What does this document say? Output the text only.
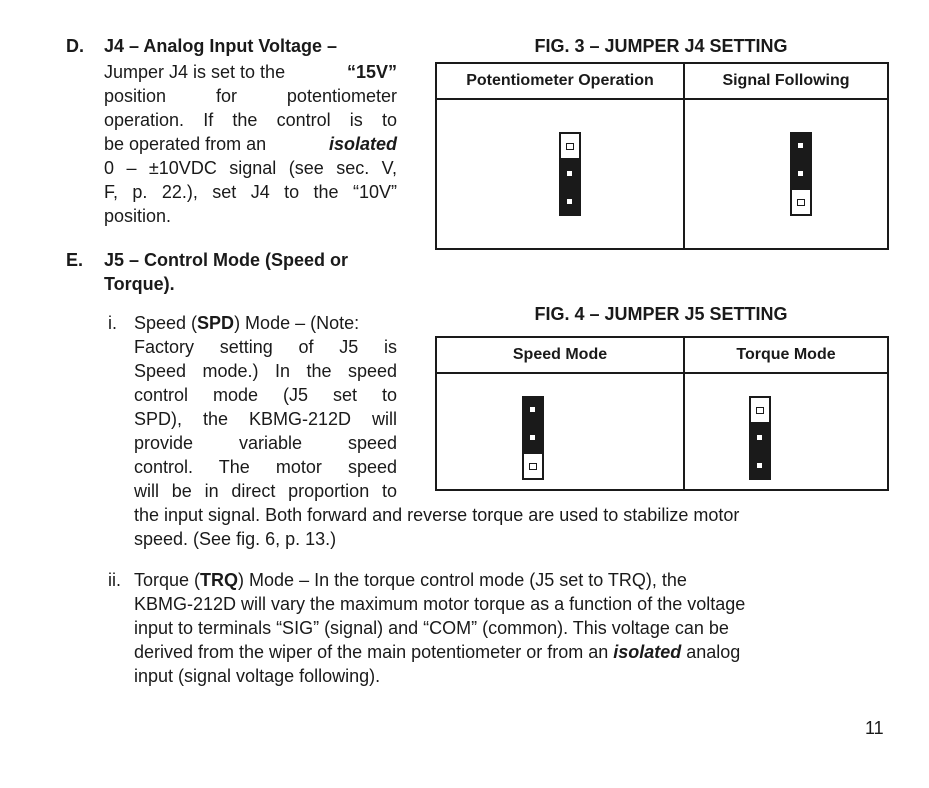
D. J4 – Analog Input Voltage –
Jumper J4 is set to the	“15V”
position for potentiometer
operation. If the control is to
be operated from an	isolated
0 – ±10VDC signal (see sec. V,
F, p. 22.), set J4 to the “10V”
position.
E. J5 – Control Mode (Speed or
Torque).
i. Speed (SPD) Mode – (Note:
Factory setting of J5 is
Speed mode.) In the speed
control mode (J5 set to
SPD), the KBMG-212D will
provide variable speed
control. The motor speed
will be in direct proportion to
the input signal. Both forward and reverse torque are used to stabilize motor
speed. (See fig. 6, p. 13.)
ii. Torque (TRQ) Mode – In the torque control mode (J5 set to TRQ), the
KBMG-212D will vary the maximum motor torque as a function of the voltage
input to terminals “SIG” (signal) and “COM” (common). This voltage can be
derived from the wiper of the main potentiometer or from an isolated analog
input (signal voltage following).
FIG. 3 – JUMPER J4 SETTING
Potentiometer Operation	Signal Following

FIG. 4 – JUMPER J5 SETTING
Speed Mode	Torque Mode

11
